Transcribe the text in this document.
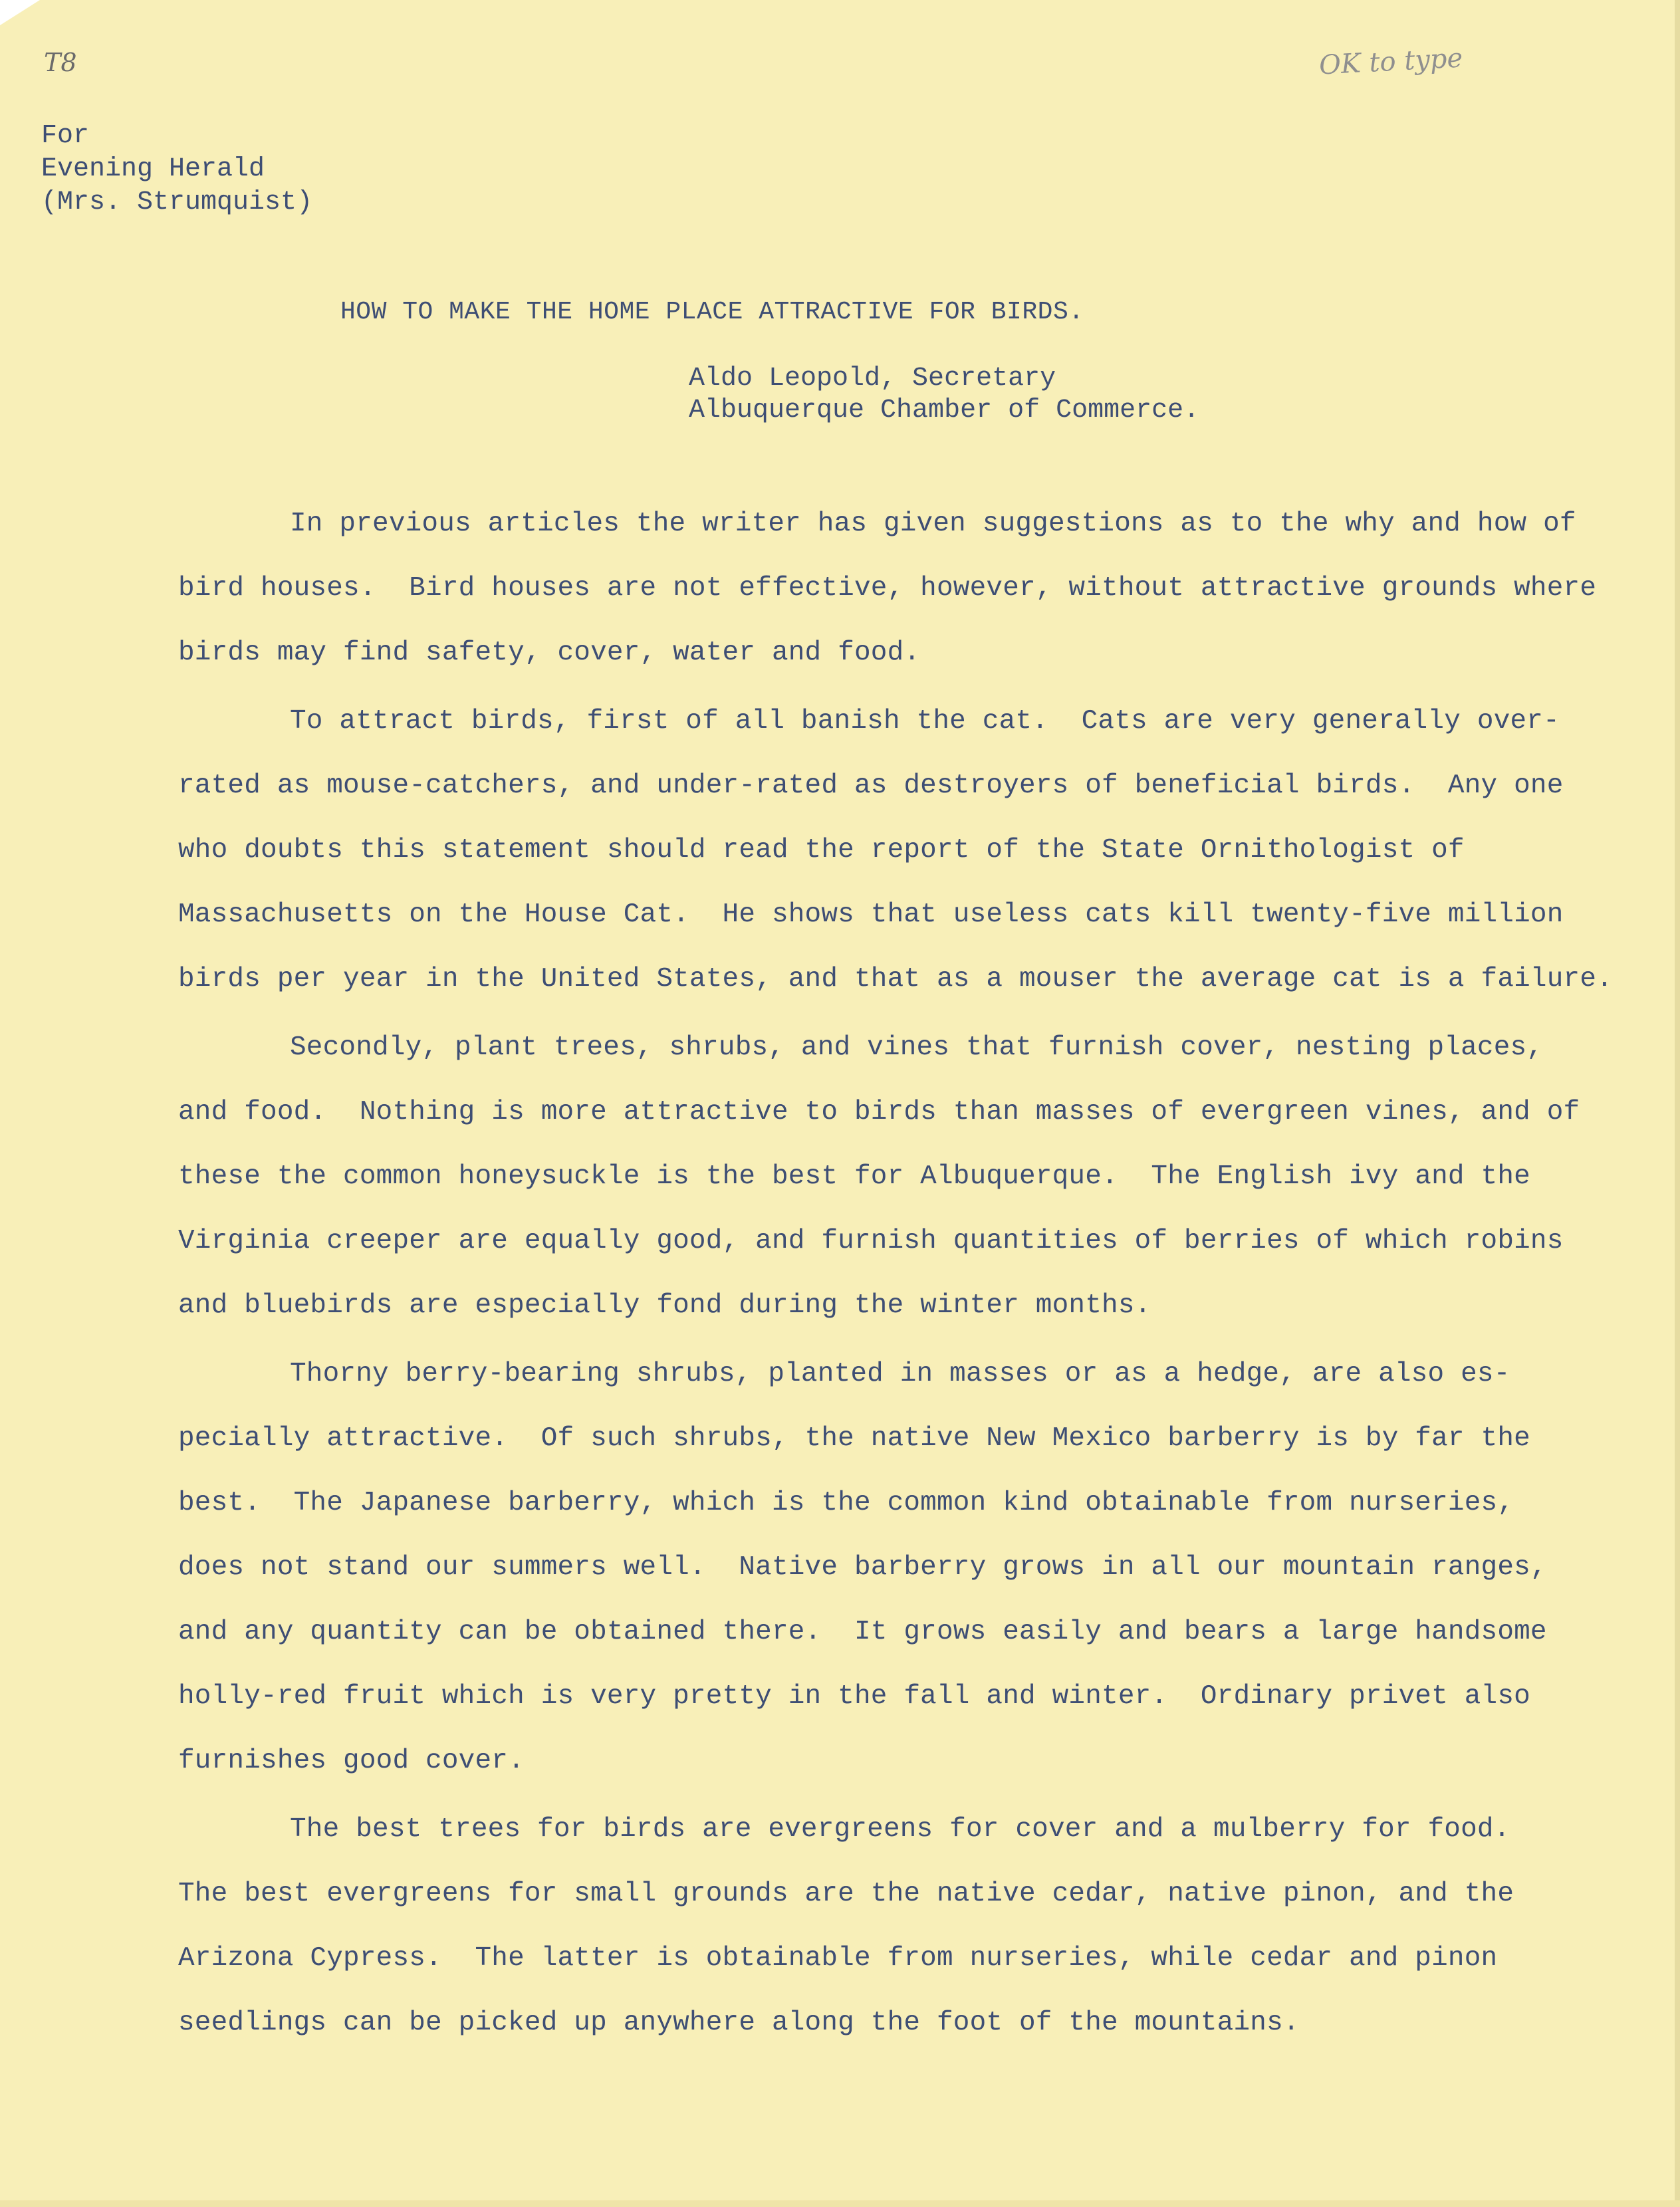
T8	OK to type
For
Evening Herald
(Mrs. Strumquist)
HOW TO MAKE THE HOME PLACE ATTRACTIVE FOR BIRDS.
Aldo Leopold, Secretary
Albuquerque Chamber of Commerce.
In previous articles the writer has given suggestions as to the why and how of
bird houses.  Bird houses are not effective, however, without attractive grounds where
birds may find safety, cover, water and food.
To attract birds, first of all banish the cat.  Cats are very generally over-
rated as mouse-catchers, and under-rated as destroyers of beneficial birds.  Any one
who doubts this statement should read the report of the State Ornithologist of
Massachusetts on the House Cat.  He shows that useless cats kill twenty-five million
birds per year in the United States, and that as a mouser the average cat is a failure.
Secondly, plant trees, shrubs, and vines that furnish cover, nesting places,
and food.  Nothing is more attractive to birds than masses of evergreen vines, and of
these the common honeysuckle is the best for Albuquerque.  The English ivy and the
Virginia creeper are equally good, and furnish quantities of berries of which robins
and bluebirds are especially fond during the winter months.
Thorny berry-bearing shrubs, planted in masses or as a hedge, are also es-
pecially attractive.  Of such shrubs, the native New Mexico barberry is by far the
best.  The Japanese barberry, which is the common kind obtainable from nurseries,
does not stand our summers well.  Native barberry grows in all our mountain ranges,
and any quantity can be obtained there.  It grows easily and bears a large handsome
holly-red fruit which is very pretty in the fall and winter.  Ordinary privet also
furnishes good cover.
The best trees for birds are evergreens for cover and a mulberry for food.
The best evergreens for small grounds are the native cedar, native pinon, and the
Arizona Cypress.  The latter is obtainable from nurseries, while cedar and pinon
seedlings can be picked up anywhere along the foot of the mountains.
